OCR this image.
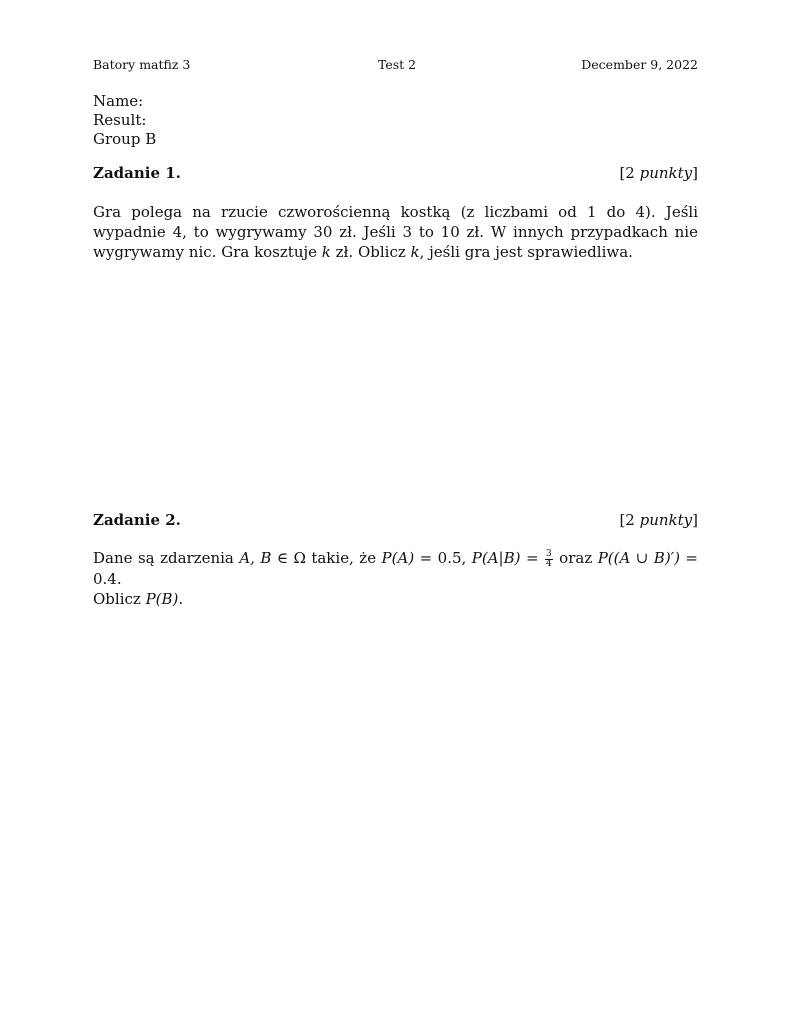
Batory matfiz 3	Test 2	December 9, 2022
Name:
Result:
Group B
Zadanie 1.	[2 punkty]
Gra polega na rzucie czworościenną kostką (z liczbami od 1 do 4). Jeśli wypadnie 4, to wygrywamy 30 zł. Jeśli 3 to 10 zł. W innych przypadkach nie wygrywamy nic. Gra kosztuje k zł. Oblicz k, jeśli gra jest sprawiedliwa.
Zadanie 2.	[2 punkty]
Dane są zdarzenia A, B ∈ Ω takie, że P(A) = 0.5, $P(A|B) = \frac{3}{4}$ oraz P((A ∪ B)′) = 0.4.
Oblicz P(B).
